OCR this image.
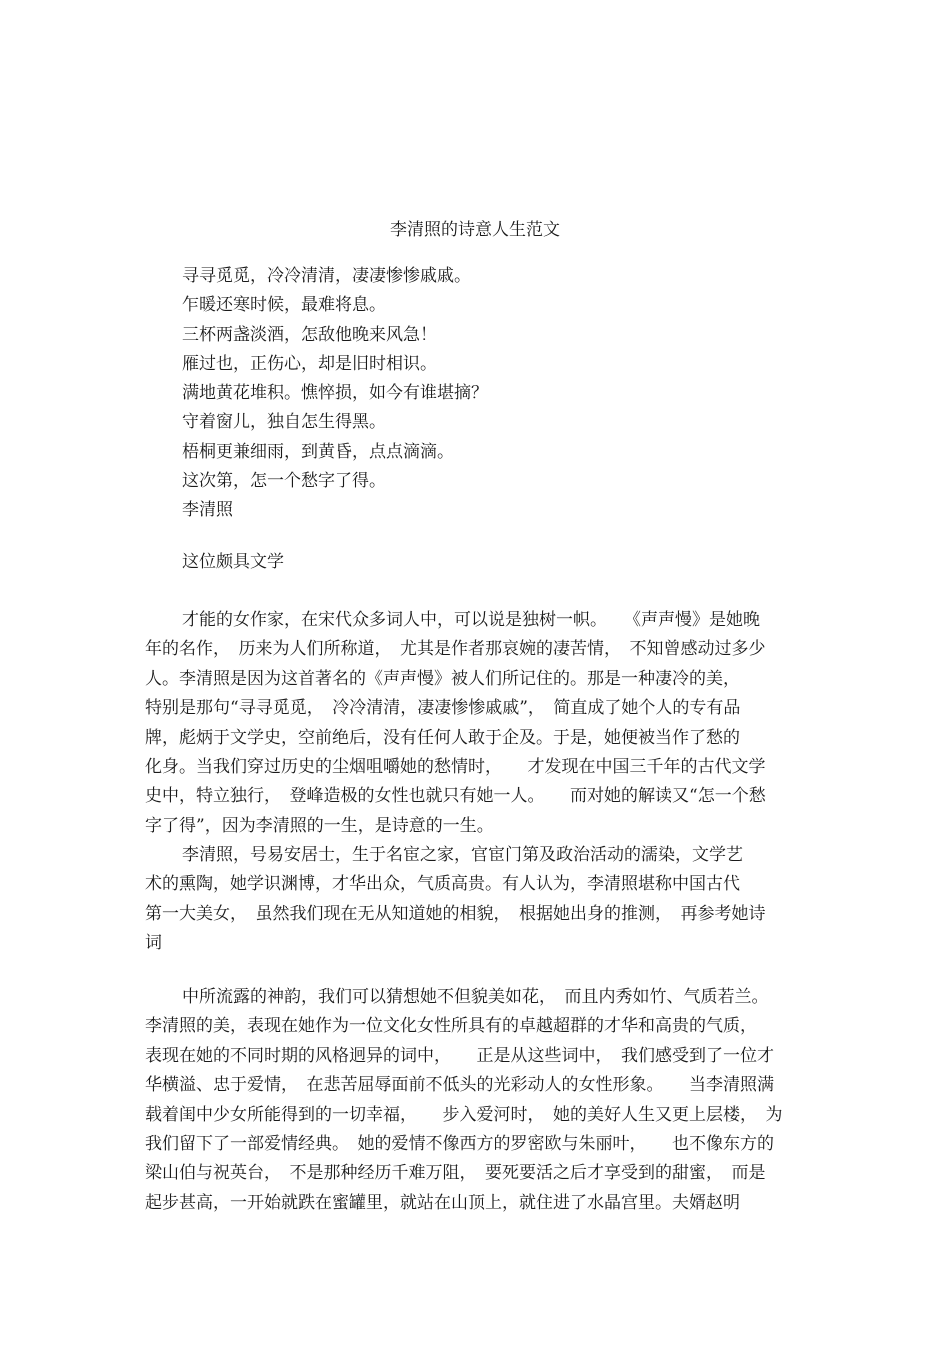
李清照的诗意人生范文
寻寻觅觅，冷冷清清，凄凄惨惨戚戚。
乍暖还寒时候，最难将息。
三杯两盏淡酒，怎敌他晚来风急！
雁过也，正伤心，却是旧时相识。
满地黄花堆积。憔悴损，如今有谁堪摘？
守着窗儿，独自怎生得黑。
梧桐更兼细雨，到黄昏，点点滴滴。
这次第，怎一个愁字了得。
李清照

这位颇具文学

才能的女作家，在宋代众多词人中，可以说是独树一帜。　　《声声慢》是她晚
年的名作，　历来为人们所称道，　尤其是作者那哀婉的凄苦情，　不知曾感动过多少
人。李清照是因为这首著名的《声声慢》被人们所记住的。那是一种凄冷的美，
特别是那句“寻寻觅觅，　冷冷清清，凄凄惨惨戚戚”，　简直成了她个人的专有品
牌，彪炳于文学史，空前绝后，没有任何人敢于企及。于是，她便被当作了愁的
化身。当我们穿过历史的尘烟咀嚼她的愁情时，　　才发现在中国三千年的古代文学
史中，特立独行，　登峰造极的女性也就只有她一人。　　而对她的解读又“怎一个愁
字了得”，因为李清照的一生，是诗意的一生。

李清照，号易安居士，生于名宦之家，官宦门第及政治活动的濡染，文学艺
术的熏陶，她学识渊博，才华出众，气质高贵。有人认为，李清照堪称中国古代
第一大美女，　虽然我们现在无从知道她的相貌，　根据她出身的推测，　再参考她诗
词

中所流露的神韵，我们可以猜想她不但貌美如花，　而且内秀如竹、气质若兰。
李清照的美，表现在她作为一位文化女性所具有的卓越超群的才华和高贵的气质，
表现在她的不同时期的风格迥异的词中，　　正是从这些词中，　我们感受到了一位才
华横溢、忠于爱情，　在悲苦屈辱面前不低头的光彩动人的女性形象。　　当李清照满
载着闺中少女所能得到的一切幸福，　　步入爱河时，　她的美好人生又更上层楼，　为
我们留下了一部爱情经典。　她的爱情不像西方的罗密欧与朱丽叶，　　也不像东方的
梁山伯与祝英台，　不是那种经历千难万阻，　要死要活之后才享受到的甜蜜，　而是
起步甚高，一开始就跌在蜜罐里，就站在山顶上，就住进了水晶宫里。夫婿赵明
